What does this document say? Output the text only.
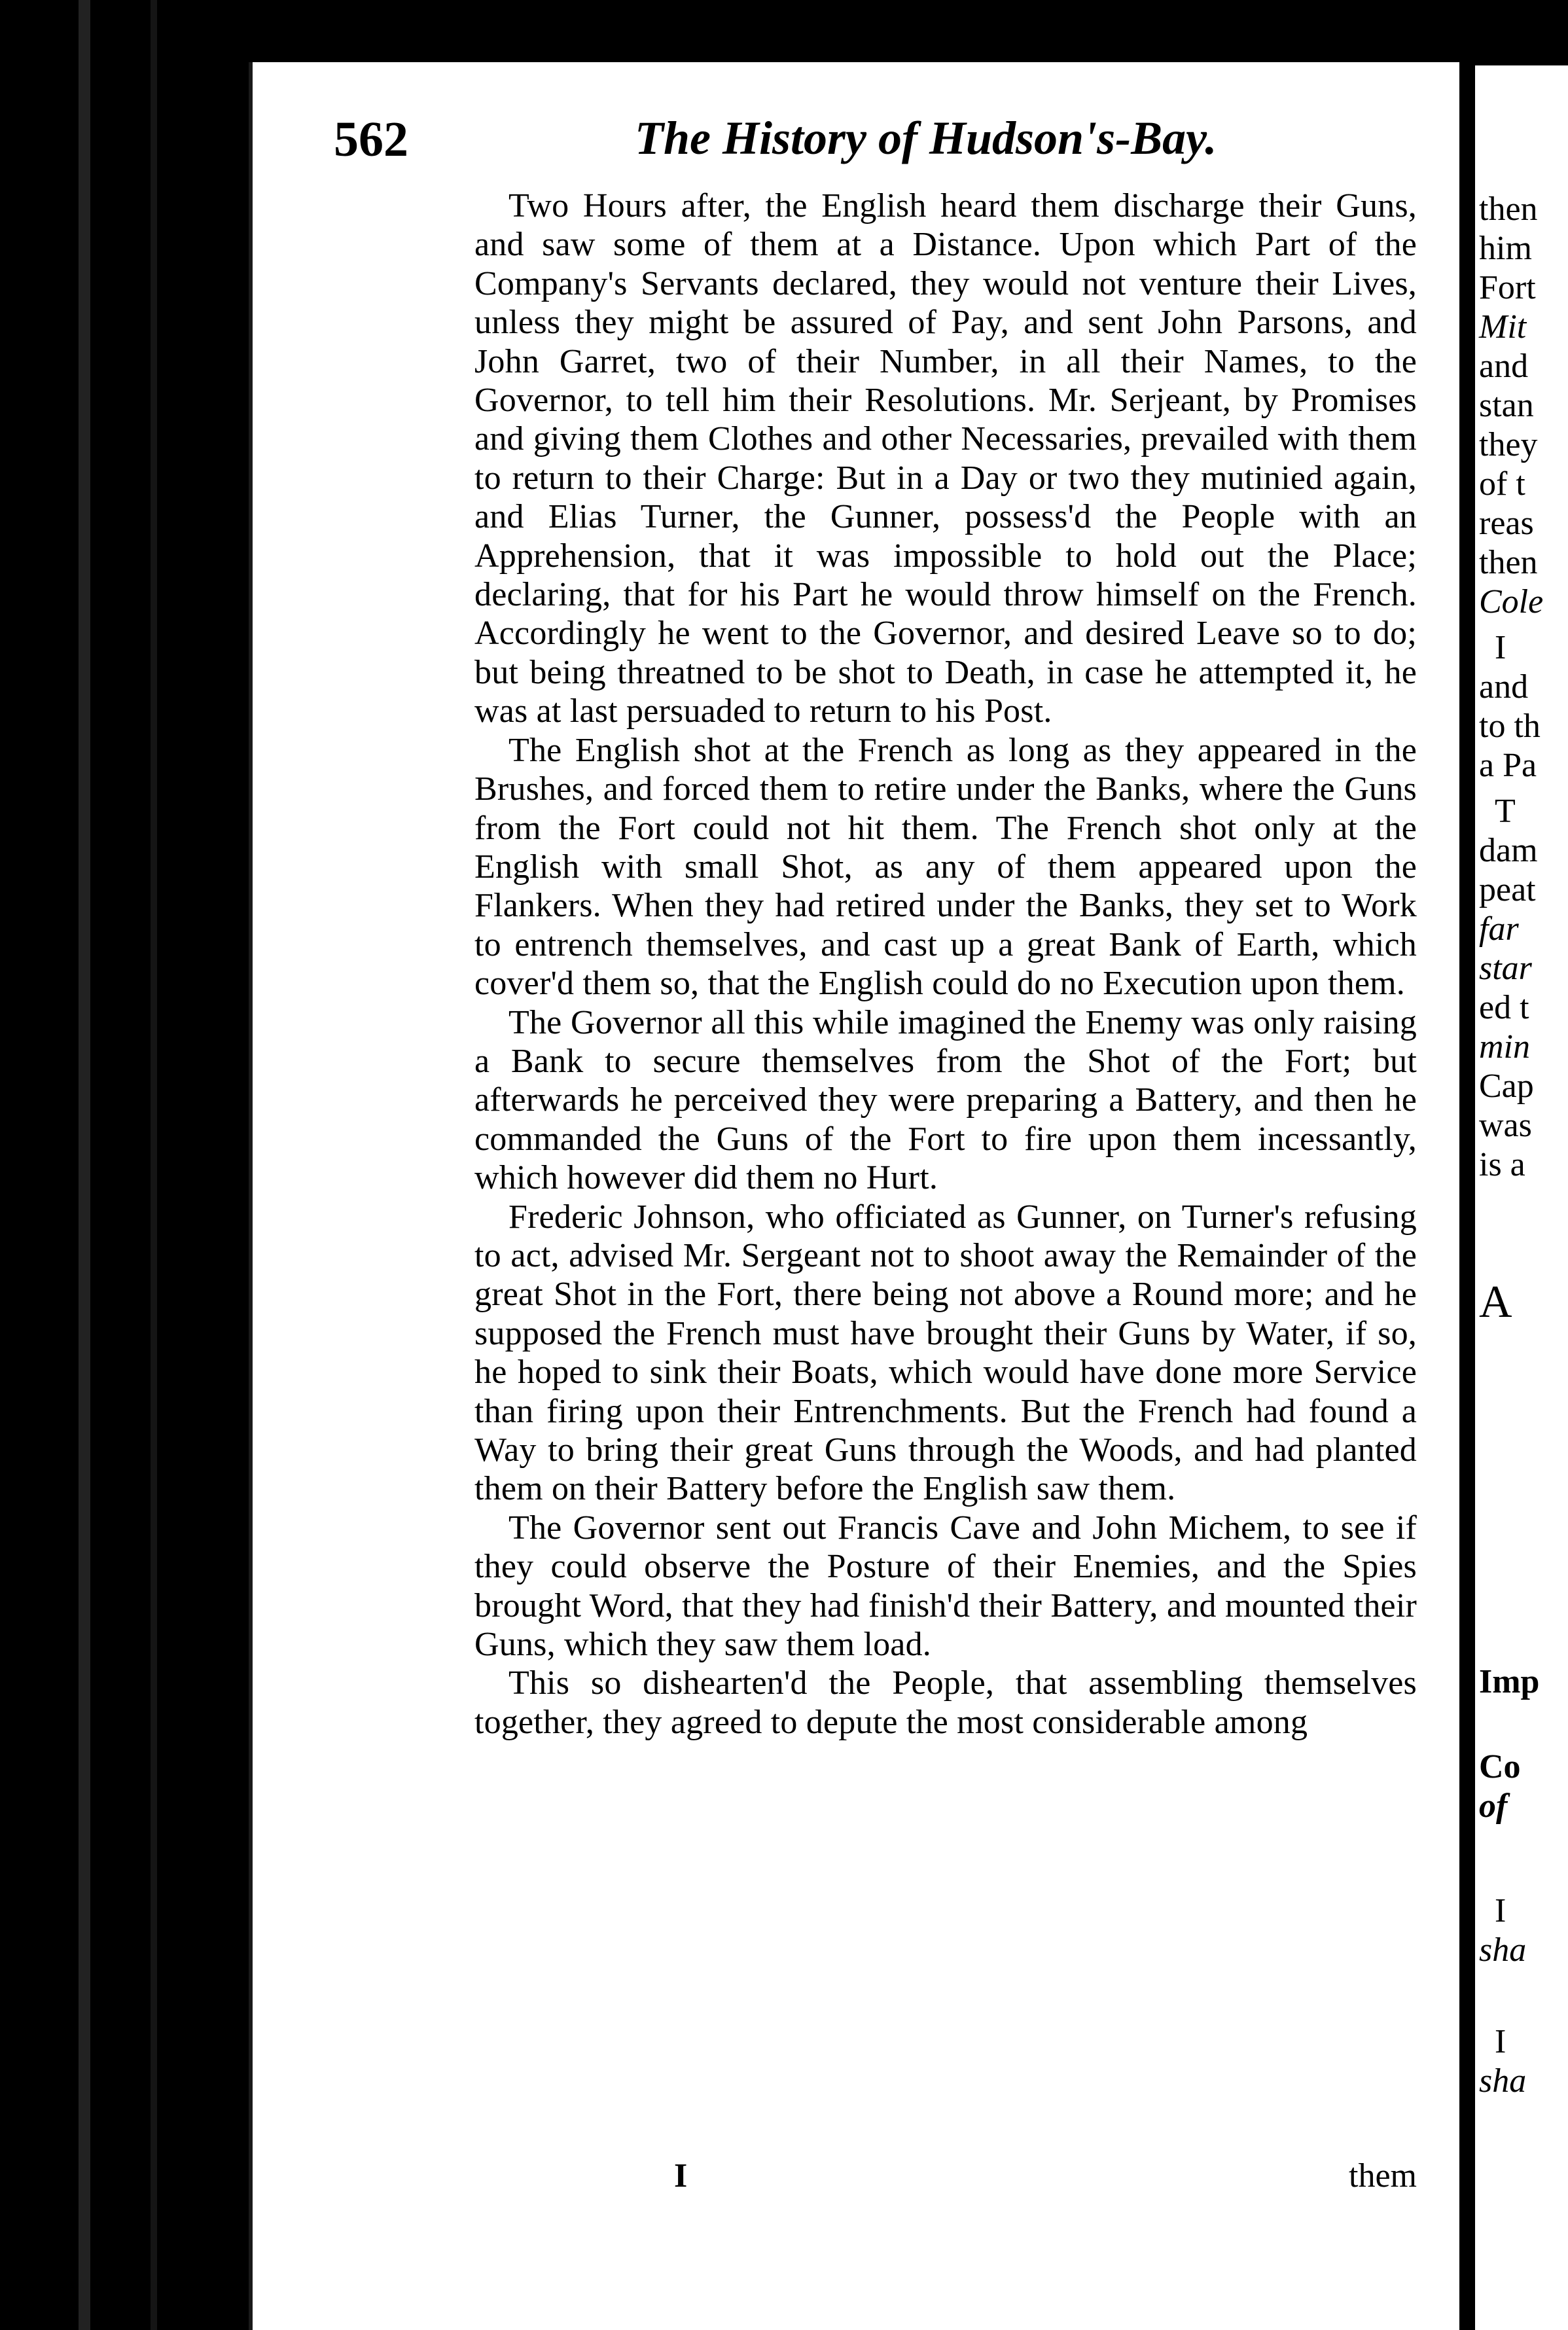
562	The History of Hudson's-Bay.

Two Hours after, the English heard them discharge their Guns, and saw some of them at a Distance. Upon which Part of the Company's Servants declared, they would not venture their Lives, unless they might be assured of Pay, and sent John Parsons, and John Garret, two of their Number, in all their Names, to the Governor, to tell him their Resolutions. Mr. Serjeant, by Promises and giving them Clothes and other Necessaries, prevailed with them to return to their Charge: But in a Day or two they mutinied again, and Elias Turner, the Gunner, possess'd the People with an Apprehension, that it was impossible to hold out the Place; declaring, that for his Part he would throw himself on the French. Accordingly he went to the Governor, and desired Leave so to do; but being threatned to be shot to Death, in case he attempted it, he was at last persuaded to return to his Post.

The English shot at the French as long as they appeared in the Brushes, and forced them to retire under the Banks, where the Guns from the Fort could not hit them. The French shot only at the English with small Shot, as any of them appeared upon the Flankers. When they had retired under the Banks, they set to Work to entrench themselves, and cast up a great Bank of Earth, which cover'd them so, that the English could do no Execution upon them.

The Governor all this while imagined the Enemy was only raising a Bank to secure themselves from the Shot of the Fort; but afterwards he perceived they were preparing a Battery, and then he commanded the Guns of the Fort to fire upon them incessantly, which however did them no Hurt.

Frederic Johnson, who officiated as Gunner, on Turner's refusing to act, advised Mr. Sergeant not to shoot away the Remainder of the great Shot in the Fort, there being not above a Round more; and he supposed the French must have brought their Guns by Water, if so, he hoped to sink their Boats, which would have done more Service than firing upon their Entrenchments. But the French had found a Way to bring their great Guns through the Woods, and had planted them on their Battery before the English saw them.

The Governor sent out Francis Cave and John Michem, to see if they could observe the Posture of their Enemies, and the Spies brought Word, that they had finish'd their Battery, and mounted their Guns, which they saw them load.

This so dishearten'd the People, that assembling themselves together, they agreed to depute the most considerable among

I	them
then
him
Fort
Mit
and
stan
they
of t
reas
then
Cole
I
and
to th
a Pa
T
dam
peat
far
star
ed t
min
Cap
was
is a
A
Imp
Co
of
I
sha
I
sha
